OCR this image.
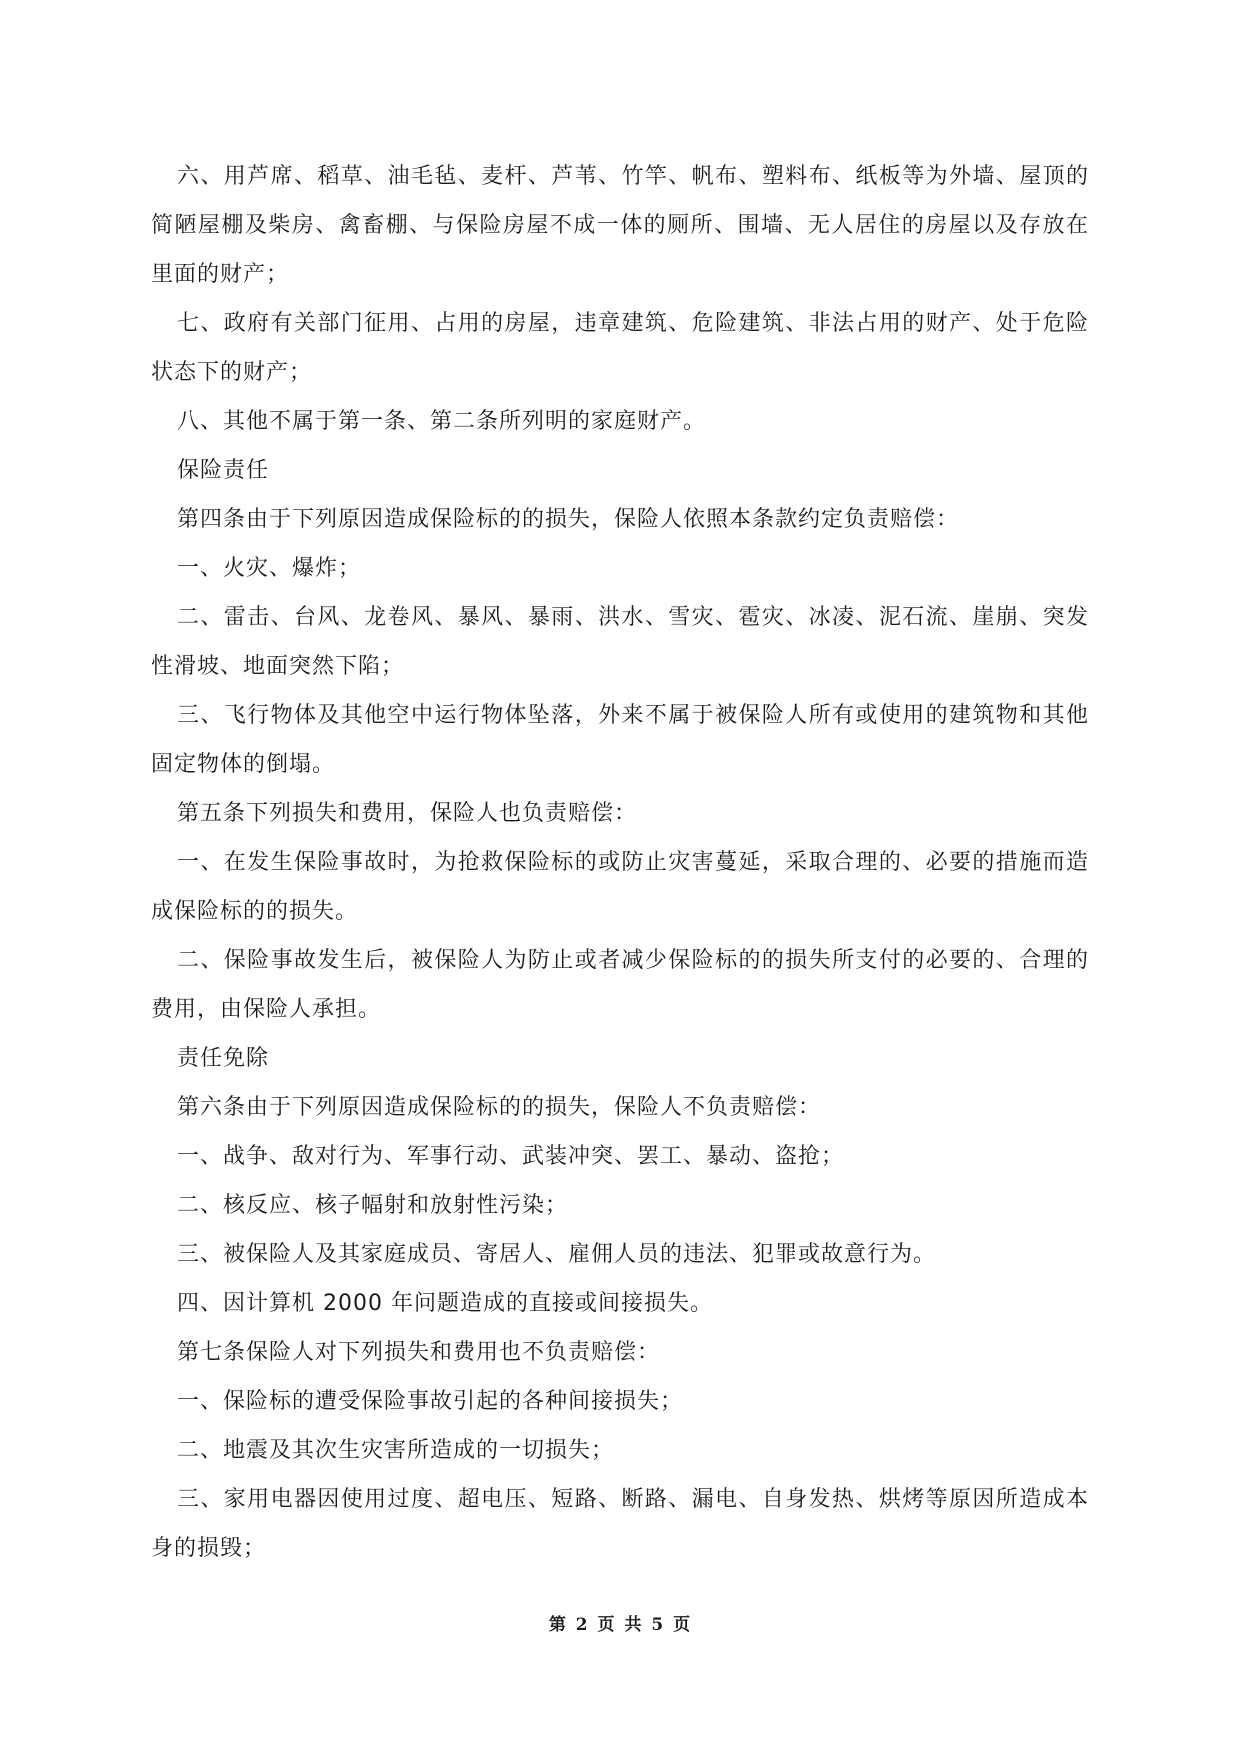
六、用芦席、稻草、油毛毡、麦杆、芦苇、竹竿、帆布、塑料布、纸板等为外墙、屋顶的简陋屋棚及柴房、禽畜棚、与保险房屋不成一体的厕所、围墙、无人居住的房屋以及存放在里面的财产；

七、政府有关部门征用、占用的房屋，违章建筑、危险建筑、非法占用的财产、处于危险状态下的财产；

八、其他不属于第一条、第二条所列明的家庭财产。

保险责任

第四条由于下列原因造成保险标的的损失，保险人依照本条款约定负责赔偿：

一、火灾、爆炸；

二、雷击、台风、龙卷风、暴风、暴雨、洪水、雪灾、雹灾、冰凌、泥石流、崖崩、突发性滑坡、地面突然下陷；

三、飞行物体及其他空中运行物体坠落，外来不属于被保险人所有或使用的建筑物和其他固定物体的倒塌。

第五条下列损失和费用，保险人也负责赔偿：

一、在发生保险事故时，为抢救保险标的或防止灾害蔓延，采取合理的、必要的措施而造成保险标的的损失。

二、保险事故发生后，被保险人为防止或者减少保险标的的损失所支付的必要的、合理的费用，由保险人承担。

责任免除

第六条由于下列原因造成保险标的的损失，保险人不负责赔偿：

一、战争、敌对行为、军事行动、武装冲突、罢工、暴动、盗抢；

二、核反应、核子幅射和放射性污染；

三、被保险人及其家庭成员、寄居人、雇佣人员的违法、犯罪或故意行为。

四、因计算机 2000 年问题造成的直接或间接损失。

第七条保险人对下列损失和费用也不负责赔偿：

一、保险标的遭受保险事故引起的各种间接损失；

二、地震及其次生灾害所造成的一切损失；

三、家用电器因使用过度、超电压、短路、断路、漏电、自身发热、烘烤等原因所造成本身的损毁；

第 2 页 共 5 页
